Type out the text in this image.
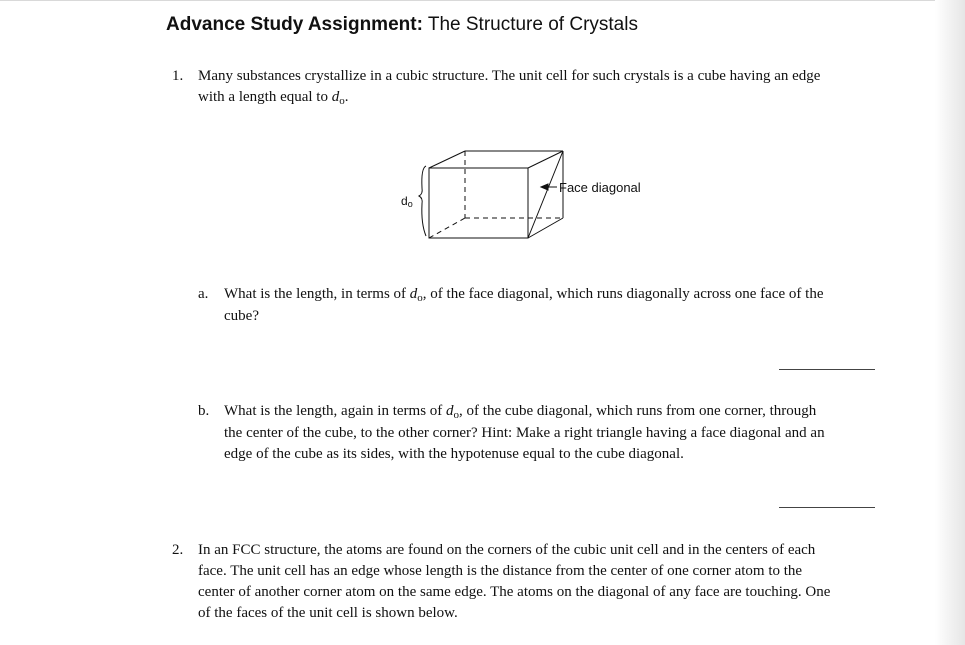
Advance Study Assignment: The Structure of Crystals
1. Many substances crystallize in a cubic structure. The unit cell for such crystals is a cube having an edge
with a length equal to $d_o$.
Face diagonal
do
a. What is the length, in terms of $d_o$, of the face diagonal, which runs diagonally across one face of the
cube?
b. What is the length, again in terms of $d_o$, of the cube diagonal, which runs from one corner, through
the center of the cube, to the other corner? Hint: Make a right triangle having a face diagonal and an
edge of the cube as its sides, with the hypotenuse equal to the cube diagonal.
2. In an FCC structure, the atoms are found on the corners of the cubic unit cell and in the centers of each
face. The unit cell has an edge whose length is the distance from the center of one corner atom to the
center of another corner atom on the same edge. The atoms on the diagonal of any face are touching. One
of the faces of the unit cell is shown below.
